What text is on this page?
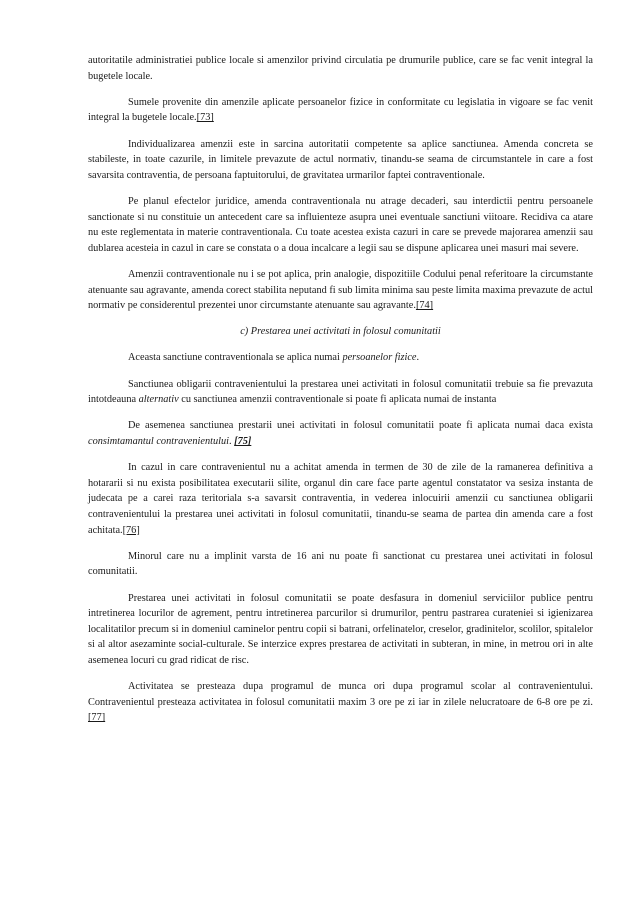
autoritatile administratiei publice locale si amenzilor privind circulatia pe drumurile publice, care se fac venit integral la bugetele locale.

Sumele provenite din amenzile aplicate persoanelor fizice in conformitate cu legislatia in vigoare se fac venit integral la bugetele locale.[73]

Individualizarea amenzii este in sarcina autoritatii competente sa aplice sanctiunea. Amenda concreta se stabileste, in toate cazurile, in limitele prevazute de actul normativ, tinandu-se seama de circumstantele in care a fost savarsita contraventia, de persoana faptuitorului, de gravitatea urmarilor faptei contraventionale.

Pe planul efectelor juridice, amenda contraventionala nu atrage decaderi, sau interdictii pentru persoanele sanctionate si nu constituie un antecedent care sa influienteze asupra unei eventuale sanctiuni viitoare. Recidiva ca atare nu este reglementata in materie contraventionala. Cu toate acestea exista cazuri in care se prevede majorarea amenzii sau dublarea acesteia in cazul in care se constata o a doua incalcare a legii sau se dispune aplicarea unei masuri mai severe.

Amenzii contraventionale nu i se pot aplica, prin analogie, dispozitiile Codului penal referitoare la circumstante atenuante sau agravante, amenda corect stabilita neputand fi sub limita minima sau peste limita maxima prevazute de actul normativ pe considerentul prezentei unor circumstante atenuante sau agravante.[74]

c) Prestarea unei activitati in folosul comunitatii

Aceasta sanctiune contraventionala se aplica numai persoanelor fizice.

Sanctiunea obligarii contravenientului la prestarea unei activitati in folosul comunitatii trebuie sa fie prevazuta intotdeauna alternativ cu sanctiunea amenzii contraventionale si poate fi aplicata numai de instanta

De asemenea sanctiunea prestarii unei activitati in folosul comunitatii poate fi aplicata numai daca exista consimtamantul contravenientului. [75]

In cazul in care contravenientul nu a achitat amenda in termen de 30 de zile de la ramanerea definitiva a hotararii si nu exista posibilitatea executarii silite, organul din care face parte agentul constatator va sesiza instanta de judecata pe a carei raza teritoriala s-a savarsit contraventia, in vederea inlocuirii amenzii cu sanctiunea obligarii contravenientului la prestarea unei activitati in folosul comunitatii, tinandu-se seama de partea din amenda care a fost achitata.[76]

Minorul care nu a implinit varsta de 16 ani nu poate fi sanctionat cu prestarea unei activitati in folosul comunitatii.

Prestarea unei activitati in folosul comunitatii se poate desfasura in domeniul serviciilor publice pentru intretinerea locurilor de agrement, pentru intretinerea parcurilor si drumurilor, pentru pastrarea curateniei si igienizarea localitatilor precum si in domeniul caminelor pentru copii si batrani, orfelinatelor, creselor, gradinitelor, scolilor, spitalelor si al altor asezaminte social-culturale. Se interzice expres prestarea de activitati in subteran, in mine, in metrou ori in alte asemenea locuri cu grad ridicat de risc.

Activitatea se presteaza dupa programul de munca ori dupa programul scolar al contravenientului. Contravenientul presteaza activitatea in folosul comunitatii maxim 3 ore pe zi iar in zilele nelucratoare de 6-8 ore pe zi.[77]
